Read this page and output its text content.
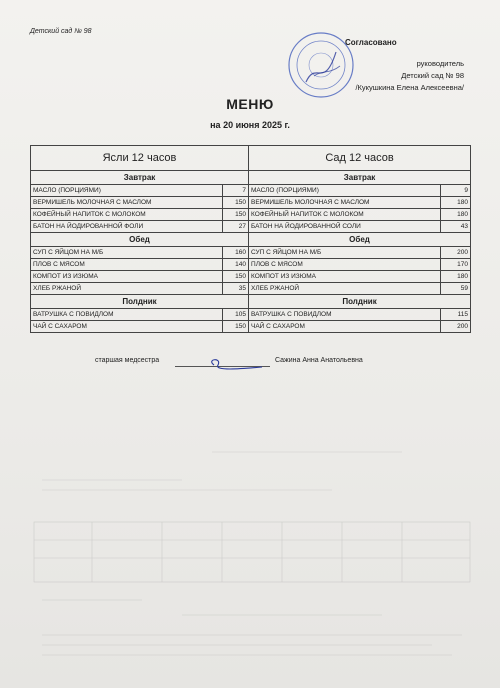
Детский сад № 98
Согласовано
руководитель
Детский сад № 98
/Кукушкина Елена Алексеевна/
МЕНЮ
на 20 июня 2025 г.
Ясли 12 часов		Сад 12 часов	
Завтрак		Завтрак	
МАСЛО (ПОРЦИЯМИ)	7	МАСЛО (ПОРЦИЯМИ)	9
ВЕРМИШЕЛЬ МОЛОЧНАЯ С МАСЛОМ	150	ВЕРМИШЕЛЬ МОЛОЧНАЯ С МАСЛОМ	180
КОФЕЙНЫЙ НАПИТОК С МОЛОКОМ	150	КОФЕЙНЫЙ НАПИТОК С МОЛОКОМ	180
БАТОН НА ЙОДИРОВАННОЙ ФОЛИ	27	БАТОН НА ЙОДИРОВАННОЙ СОЛИ	43
Обед		Обед	
СУП С ЯЙЦОМ НА М/Б	160	СУП С ЯЙЦОМ НА М/Б	200
ПЛОВ С МЯСОМ	140	ПЛОВ С МЯСОМ	170
КОМПОТ ИЗ ИЗЮМА	150	КОМПОТ ИЗ ИЗЮМА	180
ХЛЕБ РЖАНОЙ	35	ХЛЕБ РЖАНОЙ	59
Полдник		Полдник	
ВАТРУШКА С ПОВИДЛОМ	105	ВАТРУШКА С ПОВИДЛОМ	115
ЧАЙ С САХАРОМ	150	ЧАЙ С САХАРОМ	200
старшая медсестра	Сажина Анна Анатольевна
